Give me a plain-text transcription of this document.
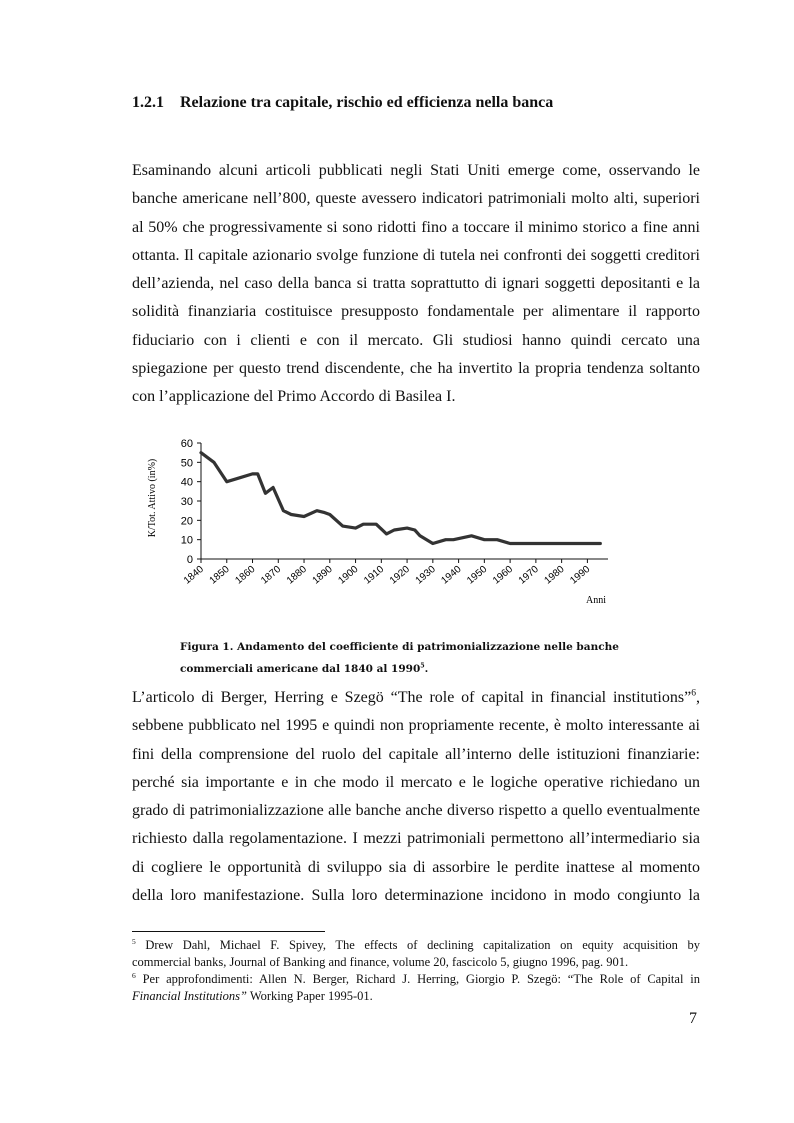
1.2.1 Relazione tra capitale, rischio ed efficienza nella banca
Esaminando alcuni articoli pubblicati negli Stati Uniti emerge come, osservando le
banche americane nell’800, queste avessero indicatori patrimoniali molto alti, superiori
al 50% che progressivamente si sono ridotti fino a toccare il minimo storico a fine anni
ottanta. Il capitale azionario svolge funzione di tutela nei confronti dei soggetti creditori
dell’azienda, nel caso della banca si tratta soprattutto di ignari soggetti depositanti e la
solidità finanziaria costituisce presupposto fondamentale per alimentare il rapporto
fiduciario con i clienti e con il mercato. Gli studiosi hanno quindi cercato una
spiegazione per questo trend discendente, che ha invertito la propria tendenza soltanto
con l’applicazione del Primo Accordo di Basilea I.
K/Tot. Attivo (in%)
0
10
20
30
40
50
60
1840 1850 1860 1870 1880 1890 1900 1910 1920 1930 1940 1950 1960 1970 1980 1990
Anni
Figura 1. Andamento del coefficiente di patrimonializzazione nelle banche
commerciali americane dal 1840 al 1990$^5$.
L’articolo di Berger, Herring e Szegö “The role of capital in financial institutions”$^6$,
sebbene pubblicato nel 1995 e quindi non propriamente recente, è molto interessante ai
fini della comprensione del ruolo del capitale all’interno delle istituzioni finanziarie:
perché sia importante e in che modo il mercato e le logiche operative richiedano un
grado di patrimonializzazione alle banche anche diverso rispetto a quello eventualmente
richiesto dalla regolamentazione. I mezzi patrimoniali permettono all’intermediario sia
di cogliere le opportunità di sviluppo sia di assorbire le perdite inattese al momento
della loro manifestazione. Sulla loro determinazione incidono in modo congiunto la
$^5$ Drew Dahl, Michael F. Spivey, The effects of declining capitalization on equity acquisition by
commercial banks, Journal of Banking and finance, volume 20, fascicolo 5, giugno 1996, pag. 901.
$^6$ Per approfondimenti: Allen N. Berger, Richard J. Herring, Giorgio P. Szegö: “The Role of Capital in
Financial Institutions” Working Paper 1995-01.
7
